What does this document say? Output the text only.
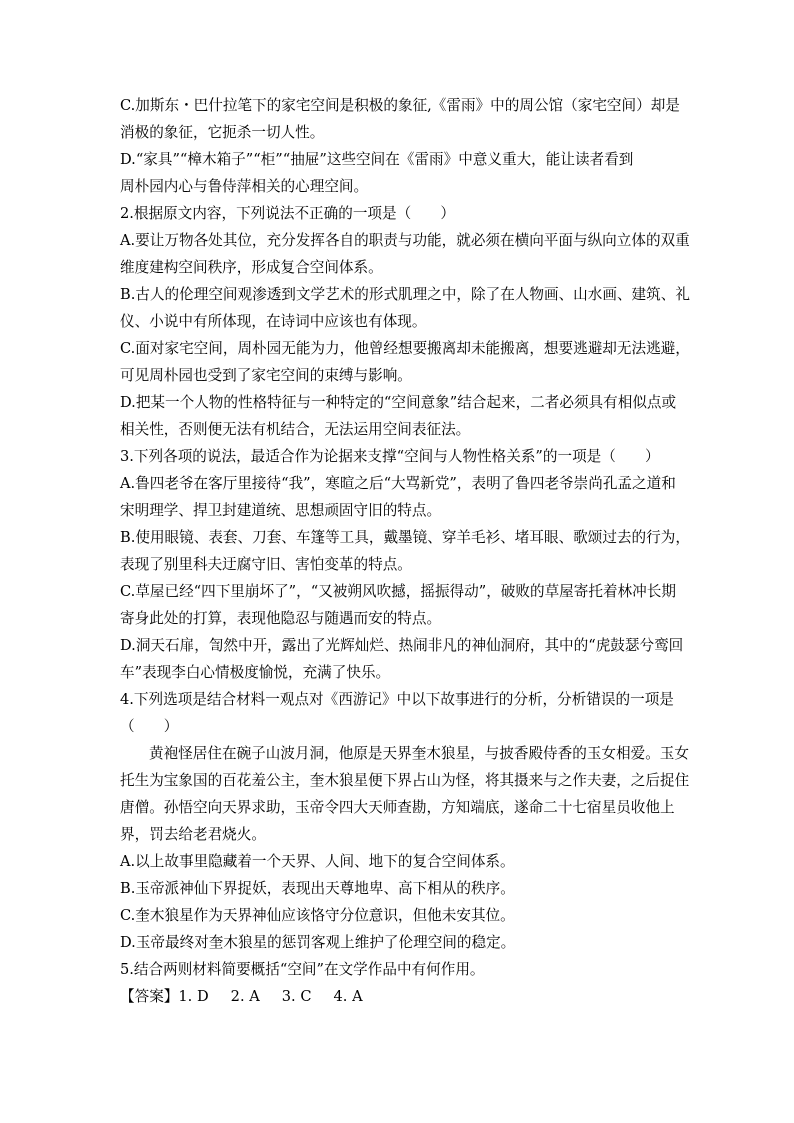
C.加斯东・巴什拉笔下的家宅空间是积极的象征,《雷雨》中的周公馆（家宅空间）却是
消极的象征，它扼杀一切人性。
D.“家具”“樟木箱子”“柜”“抽屉”这些空间在《雷雨》中意义重大，能让读者看到
周朴园内心与鲁侍萍相关的心理空间。
2.根据原文内容，下列说法不正确的一项是（　　）
A.要让万物各处其位，充分发挥各自的职责与功能，就必须在横向平面与纵向立体的双重
维度建构空间秩序，形成复合空间体系。
B.古人的伦理空间观渗透到文学艺术的形式肌理之中，除了在人物画、山水画、建筑、礼
仪、小说中有所体现，在诗词中应该也有体现。
C.面对家宅空间，周朴园无能为力，他曾经想要搬离却未能搬离，想要逃避却无法逃避，
可见周朴园也受到了家宅空间的束缚与影响。
D.把某一个人物的性格特征与一种特定的“空间意象”结合起来，二者必须具有相似点或
相关性，否则便无法有机结合，无法运用空间表征法。
3.下列各项的说法，最适合作为论据来支撑“空间与人物性格关系”的一项是（　　）
A.鲁四老爷在客厅里接待“我”，寒暄之后“大骂新党”，表明了鲁四老爷崇尚孔孟之道和
宋明理学、捍卫封建道统、思想顽固守旧的特点。
B.使用眼镜、表套、刀套、车篷等工具，戴墨镜、穿羊毛衫、堵耳眼、歌颂过去的行为，
表现了别里科夫迂腐守旧、害怕变革的特点。
C.草屋已经“四下里崩坏了”，“又被朔风吹撼，摇振得动”，破败的草屋寄托着林冲长期
寄身此处的打算，表现他隐忍与随遇而安的特点。
D.洞天石扉，訇然中开，露出了光辉灿烂、热闹非凡的神仙洞府，其中的“虎鼓瑟兮鸾回
车”表现李白心情极度愉悦，充满了快乐。
4.下列选项是结合材料一观点对《西游记》中以下故事进行的分析，分析错误的一项是
（　　）
黄袍怪居住在碗子山波月洞，他原是天界奎木狼星，与披香殿侍香的玉女相爱。玉女
托生为宝象国的百花羞公主，奎木狼星便下界占山为怪，将其摄来与之作夫妻，之后捉住
唐僧。孙悟空向天界求助，玉帝令四大天师查勘，方知端底，遂命二十七宿星员收他上
界，罚去给老君烧火。
A.以上故事里隐藏着一个天界、人间、地下的复合空间体系。
B.玉帝派神仙下界捉妖，表现出天尊地卑、高下相从的秩序。
C.奎木狼星作为天界神仙应该恪守分位意识，但他未安其位。
D.玉帝最终对奎木狼星的惩罚客观上维护了伦理空间的稳定。
5.结合两则材料简要概括“空间”在文学作品中有何作用。
【答案】1. D 2. A 3. C 4. A
